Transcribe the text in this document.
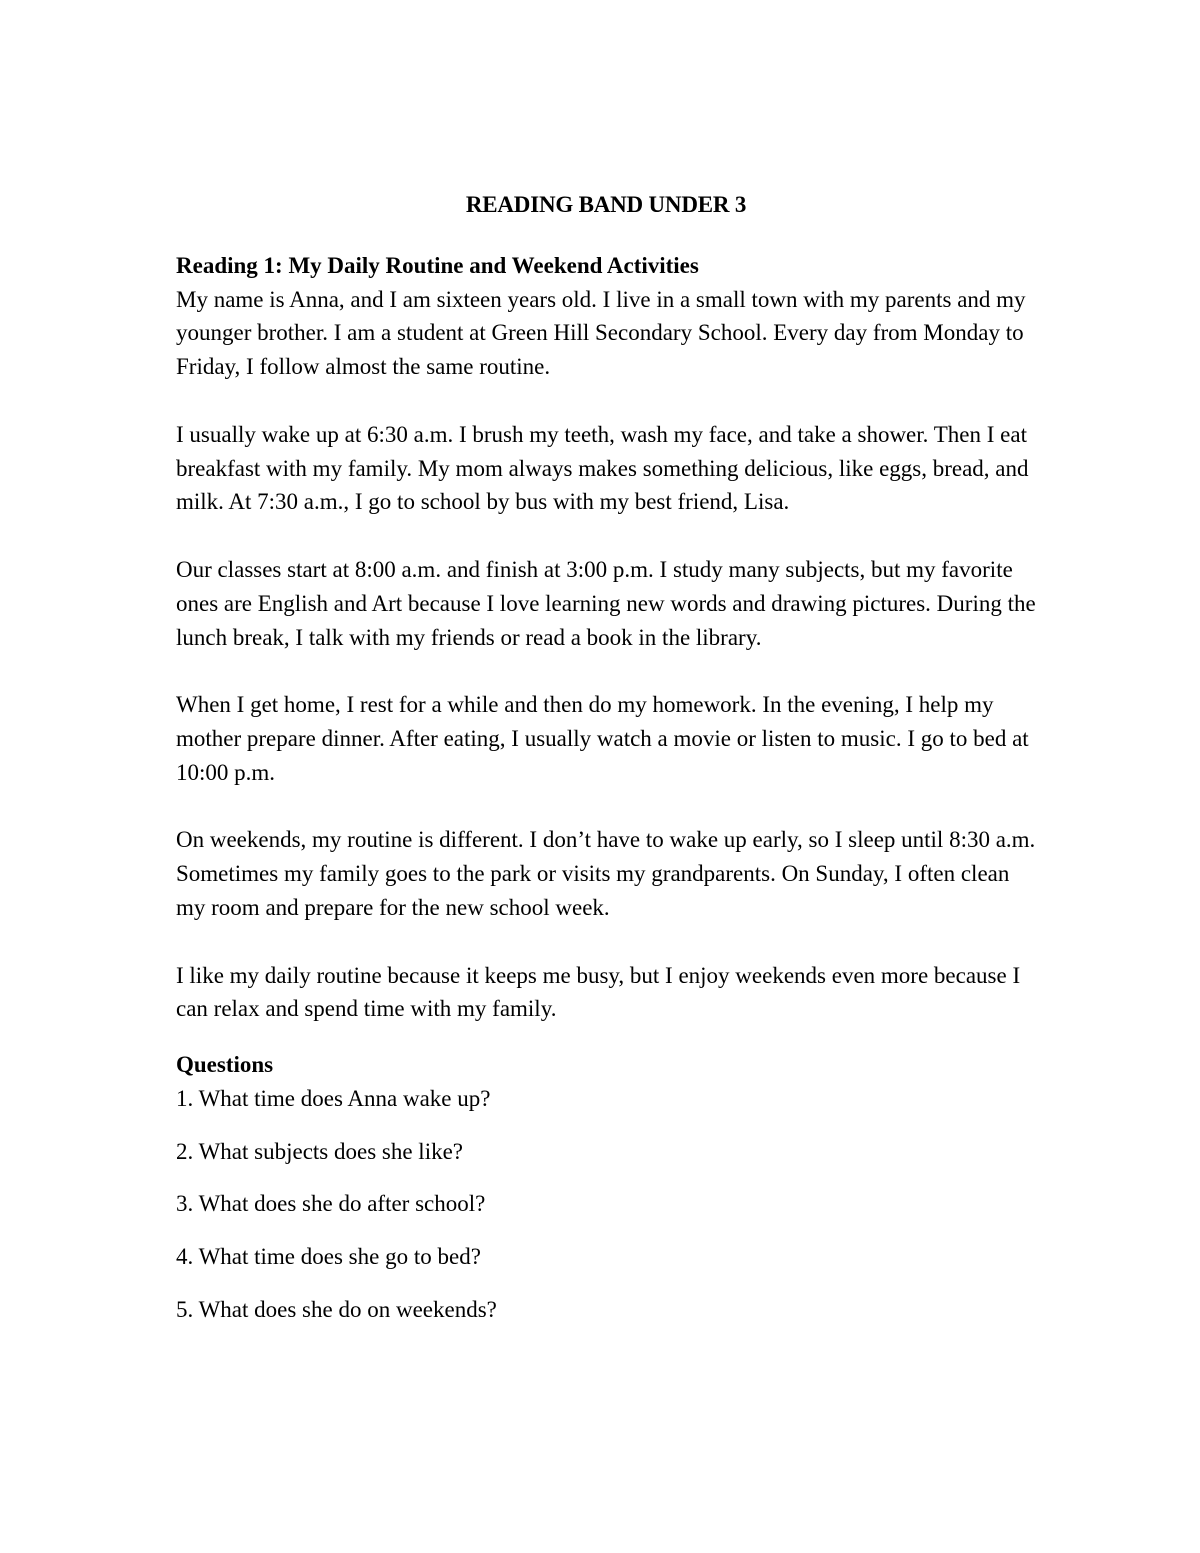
READING BAND UNDER 3
Reading 1: My Daily Routine and Weekend Activities

My name is Anna, and I am sixteen years old. I live in a small town with my parents and my younger brother. I am a student at Green Hill Secondary School. Every day from Monday to Friday, I follow almost the same routine.

I usually wake up at 6:30 a.m. I brush my teeth, wash my face, and take a shower. Then I eat breakfast with my family. My mom always makes something delicious, like eggs, bread, and milk. At 7:30 a.m., I go to school by bus with my best friend, Lisa.

Our classes start at 8:00 a.m. and finish at 3:00 p.m. I study many subjects, but my favorite ones are English and Art because I love learning new words and drawing pictures. During the lunch break, I talk with my friends or read a book in the library.

When I get home, I rest for a while and then do my homework. In the evening, I help my mother prepare dinner. After eating, I usually watch a movie or listen to music. I go to bed at 10:00 p.m.

On weekends, my routine is different. I don’t have to wake up early, so I sleep until 8:30 a.m. Sometimes my family goes to the park or visits my grandparents. On Sunday, I often clean my room and prepare for the new school week.

I like my daily routine because it keeps me busy, but I enjoy weekends even more because I can relax and spend time with my family.

Questions
1. What time does Anna wake up?
2. What subjects does she like?
3. What does she do after school?
4. What time does she go to bed?
5. What does she do on weekends?
